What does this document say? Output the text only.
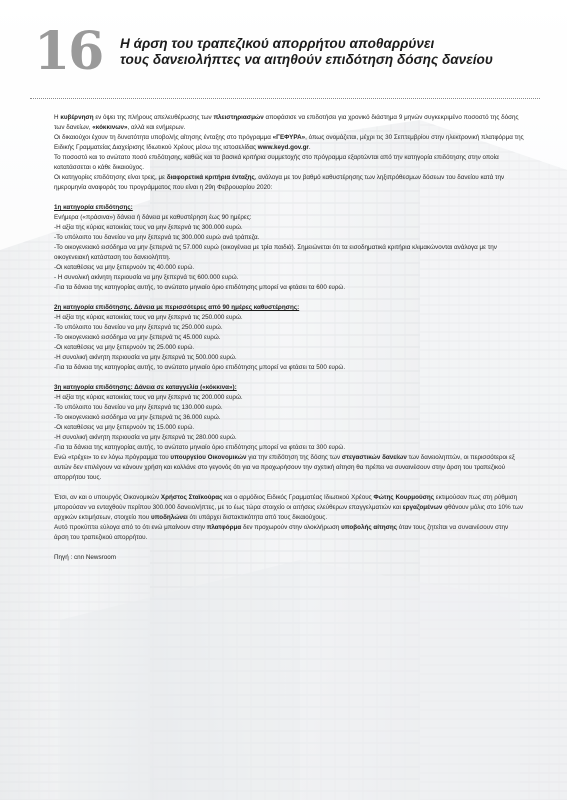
16 Η άρση του τραπεζικού απορρήτου αποθαρρύνει
τους δανειολήπτες να αιτηθούν επιδότηση δόσης δανείου

Η κυβέρνηση εν όψει της πλήρους απελευθέρωσης των πλειστηριασμών αποφάσισε να επιδοτήσει για χρονικό διάστημα 9 μηνών συγκεκριμένο ποσοστό της δόσης των δανείων, «κόκκινων», αλλά και ενήμερων.

Οι δικαιούχοι έχουν τη δυνατότητα υποβολής αίτησης ένταξης στο πρόγραμμα «ΓΕΦΥΡΑ», όπως ονομάζεται, μέχρι τις 30 Σεπτεμβρίου στην ηλεκτρονική πλατφόρμα της Ειδικής Γραμματείας Διαχείρισης Ιδιωτικού Χρέους μέσω της ιστοσελίδας www.keyd.gov.gr.

Το ποσοστό και το ανώτατο ποσό επιδότησης, καθώς και τα βασικά κριτήρια συμμετοχής στο πρόγραμμα εξαρτώνται από την κατηγορία επιδότησης στην οποία κατατάσσεται ο κάθε δικαιούχος.

Οι κατηγορίες επιδότησης είναι τρεις, με διαφορετικά κριτήρια ένταξης, ανάλογα με τον βαθμό καθυστέρησης των ληξιπρόθεσμων δόσεων του δανείου κατά την ημερομηνία αναφοράς του προγράμματος που είναι η 29η Φεβρουαρίου 2020:

1η κατηγορία επιδότησης:

Ενήμερα («πράσινα») δάνεια ή δάνεια με καθυστέρηση έως 90 ημέρες:

-Η αξία της κύριας κατοικίας τους να μην ξεπερνά τις 300.000 ευρώ.

-Το υπόλοιπο του δανείου να μην ξεπερνά τις 300.000 ευρώ ανά τράπεζα.

-Το οικογενειακό εισόδημα να μην ξεπερνά τις 57.000 ευρώ (οικογένεια με τρία παιδιά). Σημειώνεται ότι τα εισοδηματικά κριτήρια κλιμακώνονται ανάλογα με την οικογενειακή κατάσταση του δανειολήπτη.

-Οι καταθέσεις να μην ξεπερνούν τις 40.000 ευρώ.

- Η συνολική ακίνητη περιουσία να μην ξεπερνά τις 600.000 ευρώ.

-Για τα δάνεια της κατηγορίας αυτής, το ανώτατο μηνιαίο όριο επιδότησης μπορεί να φτάσει τα 600 ευρώ.

2η κατηγορία επιδότησης. Δάνεια με περισσότερες από 90 ημέρες καθυστέρησης:

-Η αξία της κύριας κατοικίας τους να μην ξεπερνά τις 250.000 ευρώ.

-Το υπόλοιπο του δανείου να μην ξεπερνά τις 250.000 ευρώ.

-Το οικογενειακό εισόδημα να μην ξεπερνά τις 45.000 ευρώ.

-Οι καταθέσεις να μην ξεπερνούν τις 25.000 ευρώ.

-Η συνολική ακίνητη περιουσία να μην ξεπερνά τις 500.000 ευρώ.

-Για τα δάνεια της κατηγορίας αυτής, το ανώτατο μηνιαίο όριο επιδότησης μπορεί να φτάσει τα 500 ευρώ.

3η κατηγορία επιδότησης: Δάνεια σε καταγγελία («κόκκινα»):

-Η αξία της κύριας κατοικίας τους να μην ξεπερνά τις 200.000 ευρώ.

-Το υπόλοιπο του δανείου να μην ξεπερνά τις 130.000 ευρώ.

-Το οικογενειακό εισόδημα να μην ξεπερνά τις 36.000 ευρώ.

-Οι καταθέσεις να μην ξεπερνούν τις 15.000 ευρώ.

-Η συνολική ακίνητη περιουσία να μην ξεπερνά τις 280.000 ευρώ.

-Για τα δάνεια της κατηγορίας αυτής, το ανώτατο μηνιαίο όριο επιδότησης μπορεί να φτάσει τα 300 ευρώ.

Ενώ «τρέχει» το εν λόγω πρόγραμμα του υπουργείου Οικονομικών για την επιδότηση της δόσης των στεγαστικών δανείων των δανειοληπτών, οι περισσότεροι εξ αυτών δεν επιλέγουν να κάνουν χρήση και κολλάνε στο γεγονός ότι για να προχωρήσουν την σχετική αίτηση θα πρέπει να συναινέσουν στην άρση του τραπεζικού απορρήτου τους.

Έτσι, αν και ο υπουργός Οικονομικών Χρήστος Σταϊκούρας και ο αρμόδιος Ειδικός Γραμματέας Ιδιωτικού Χρέους Φώτης Κουρμούσης εκτιμούσαν πως στη ρύθμιση μπορούσαν να ενταχθούν περίπου 300.000 δανειολήπτες, με το έως τώρα στοιχείο οι αιτήσεις ελεύθερων επαγγελματιών και εργαζομένων φθάνουν μόλις στο 10% των αρχικών εκτιμήσεων, στοιχείο που υποδηλώνει ότι υπάρχει διστακτικότητα από τους δικαιούχους.

Αυτό προκύπτει εύλογα από το ότι ενώ μπαίνουν στην πλατφόρμα δεν προχωρούν στην ολοκλήρωση υποβολής αίτησης όταν τους ζητείται να συναινέσουν στην άρση του τραπεζικού απορρήτου.

Πηγή : cnn Newsroom
